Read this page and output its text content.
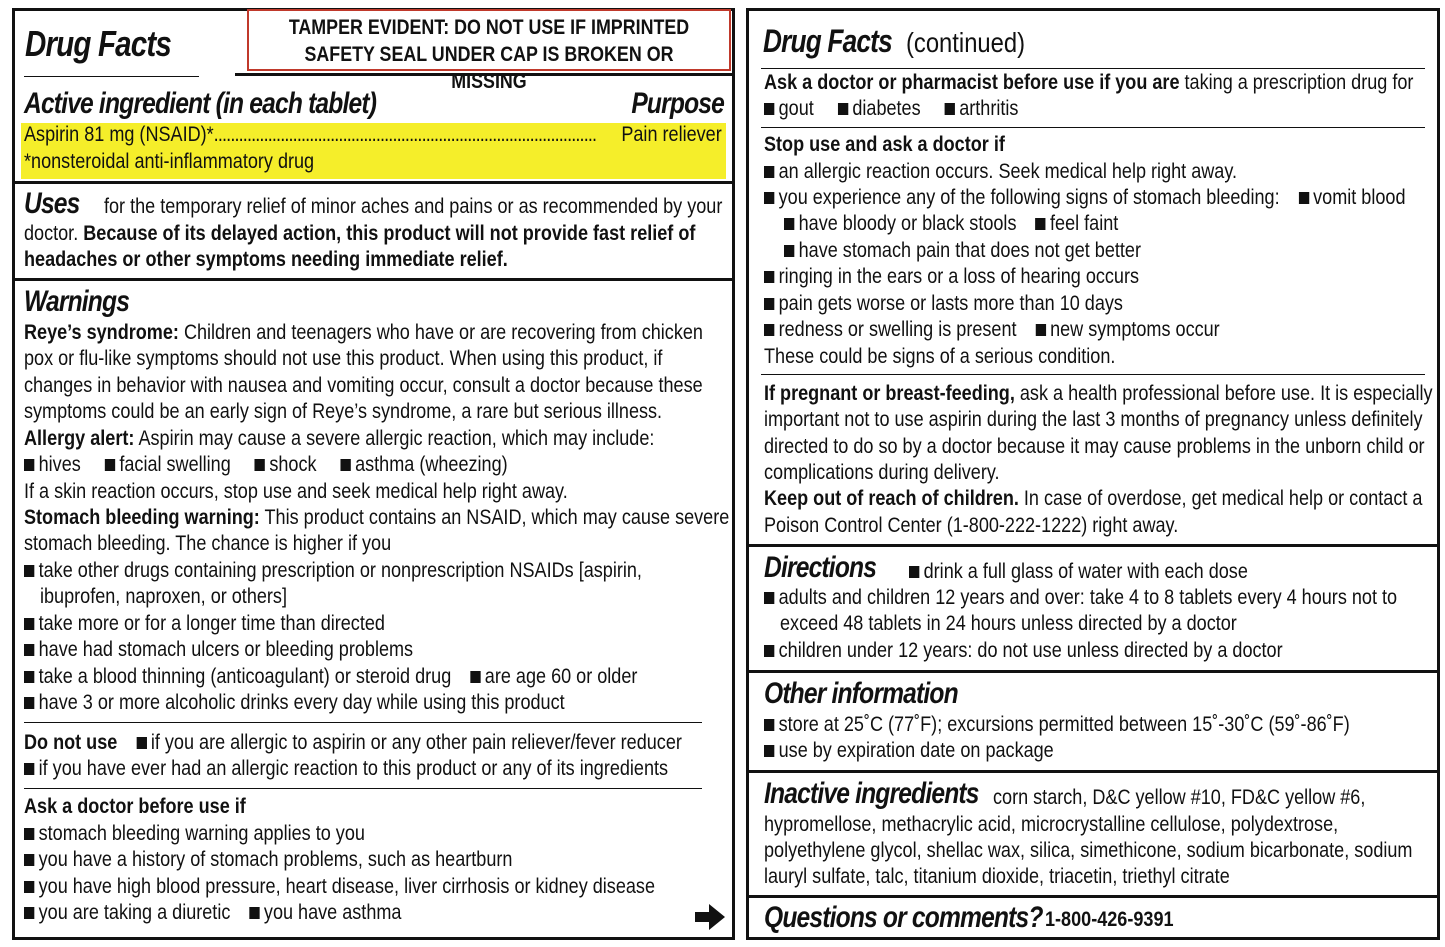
Drug Facts	TAMPER EVIDENT: DO NOT USE IF IMPRINTED
SAFETY SEAL UNDER CAP IS BROKEN OR MISSING
Active ingredient (in each tablet)	Purpose
Aspirin 81 mg (NSAID)*............................................................................................	Pain reliever
*nonsteroidal anti-inflammatory drug
Uses	for the temporary relief of minor aches and pains or as recommended by your
doctor. Because of its delayed action, this product will not provide fast relief of
headaches or other symptoms needing immediate relief.
Warnings
Reye’s syndrome: Children and teenagers who have or are recovering from chicken
pox or flu-like symptoms should not use this product. When using this product, if
changes in behavior with nausea and vomiting occur, consult a doctor because these
symptoms could be an early sign of Reye’s syndrome, a rare but serious illness.
Allergy alert: Aspirin may cause a severe allergic reaction, which may include:
hives facial swelling shock asthma (wheezing)
If a skin reaction occurs, stop use and seek medical help right away.
Stomach bleeding warning: This product contains an NSAID, which may cause severe
stomach bleeding. The chance is higher if you
take other drugs containing prescription or nonprescription NSAIDs [aspirin,
ibuprofen, naproxen, or others]
take more or for a longer time than directed
have had stomach ulcers or bleeding problems
take a blood thinning (anticoagulant) or steroid drug are age 60 or older
have 3 or more alcoholic drinks every day while using this product
Do not use if you are allergic to aspirin or any other pain reliever/fever reducer
if you have ever had an allergic reaction to this product or any of its ingredients
Ask a doctor before use if
stomach bleeding warning applies to you
you have a history of stomach problems, such as heartburn
you have high blood pressure, heart disease, liver cirrhosis or kidney disease
you are taking a diuretic you have asthma
Drug Facts (continued)
Ask a doctor or pharmacist before use if you are taking a prescription drug for
gout diabetes arthritis
Stop use and ask a doctor if
an allergic reaction occurs. Seek medical help right away.
you experience any of the following signs of stomach bleeding: vomit blood
have bloody or black stools feel faint
have stomach pain that does not get better
ringing in the ears or a loss of hearing occurs
pain gets worse or lasts more than 10 days
redness or swelling is present new symptoms occur
These could be signs of a serious condition.
If pregnant or breast-feeding, ask a health professional before use. It is especially
important not to use aspirin during the last 3 months of pregnancy unless definitely
directed to do so by a doctor because it may cause problems in the unborn child or
complications during delivery.
Keep out of reach of children. In case of overdose, get medical help or contact a
Poison Control Center (1-800-222-1222) right away.
Directions	drink a full glass of water with each dose
adults and children 12 years and over: take 4 to 8 tablets every 4 hours not to
exceed 48 tablets in 24 hours unless directed by a doctor
children under 12 years: do not use unless directed by a doctor
Other information
store at 25˚C (77˚F); excursions permitted between 15˚-30˚C (59˚-86˚F)
use by expiration date on package
Inactive ingredients corn starch, D&C yellow #10, FD&C yellow #6,
hypromellose, methacrylic acid, microcrystalline cellulose, polydextrose,
polyethylene glycol, shellac wax, silica, simethicone, sodium bicarbonate, sodium
lauryl sulfate, talc, titanium dioxide, triacetin, triethyl citrate
Questions or comments? 1-800-426-9391
